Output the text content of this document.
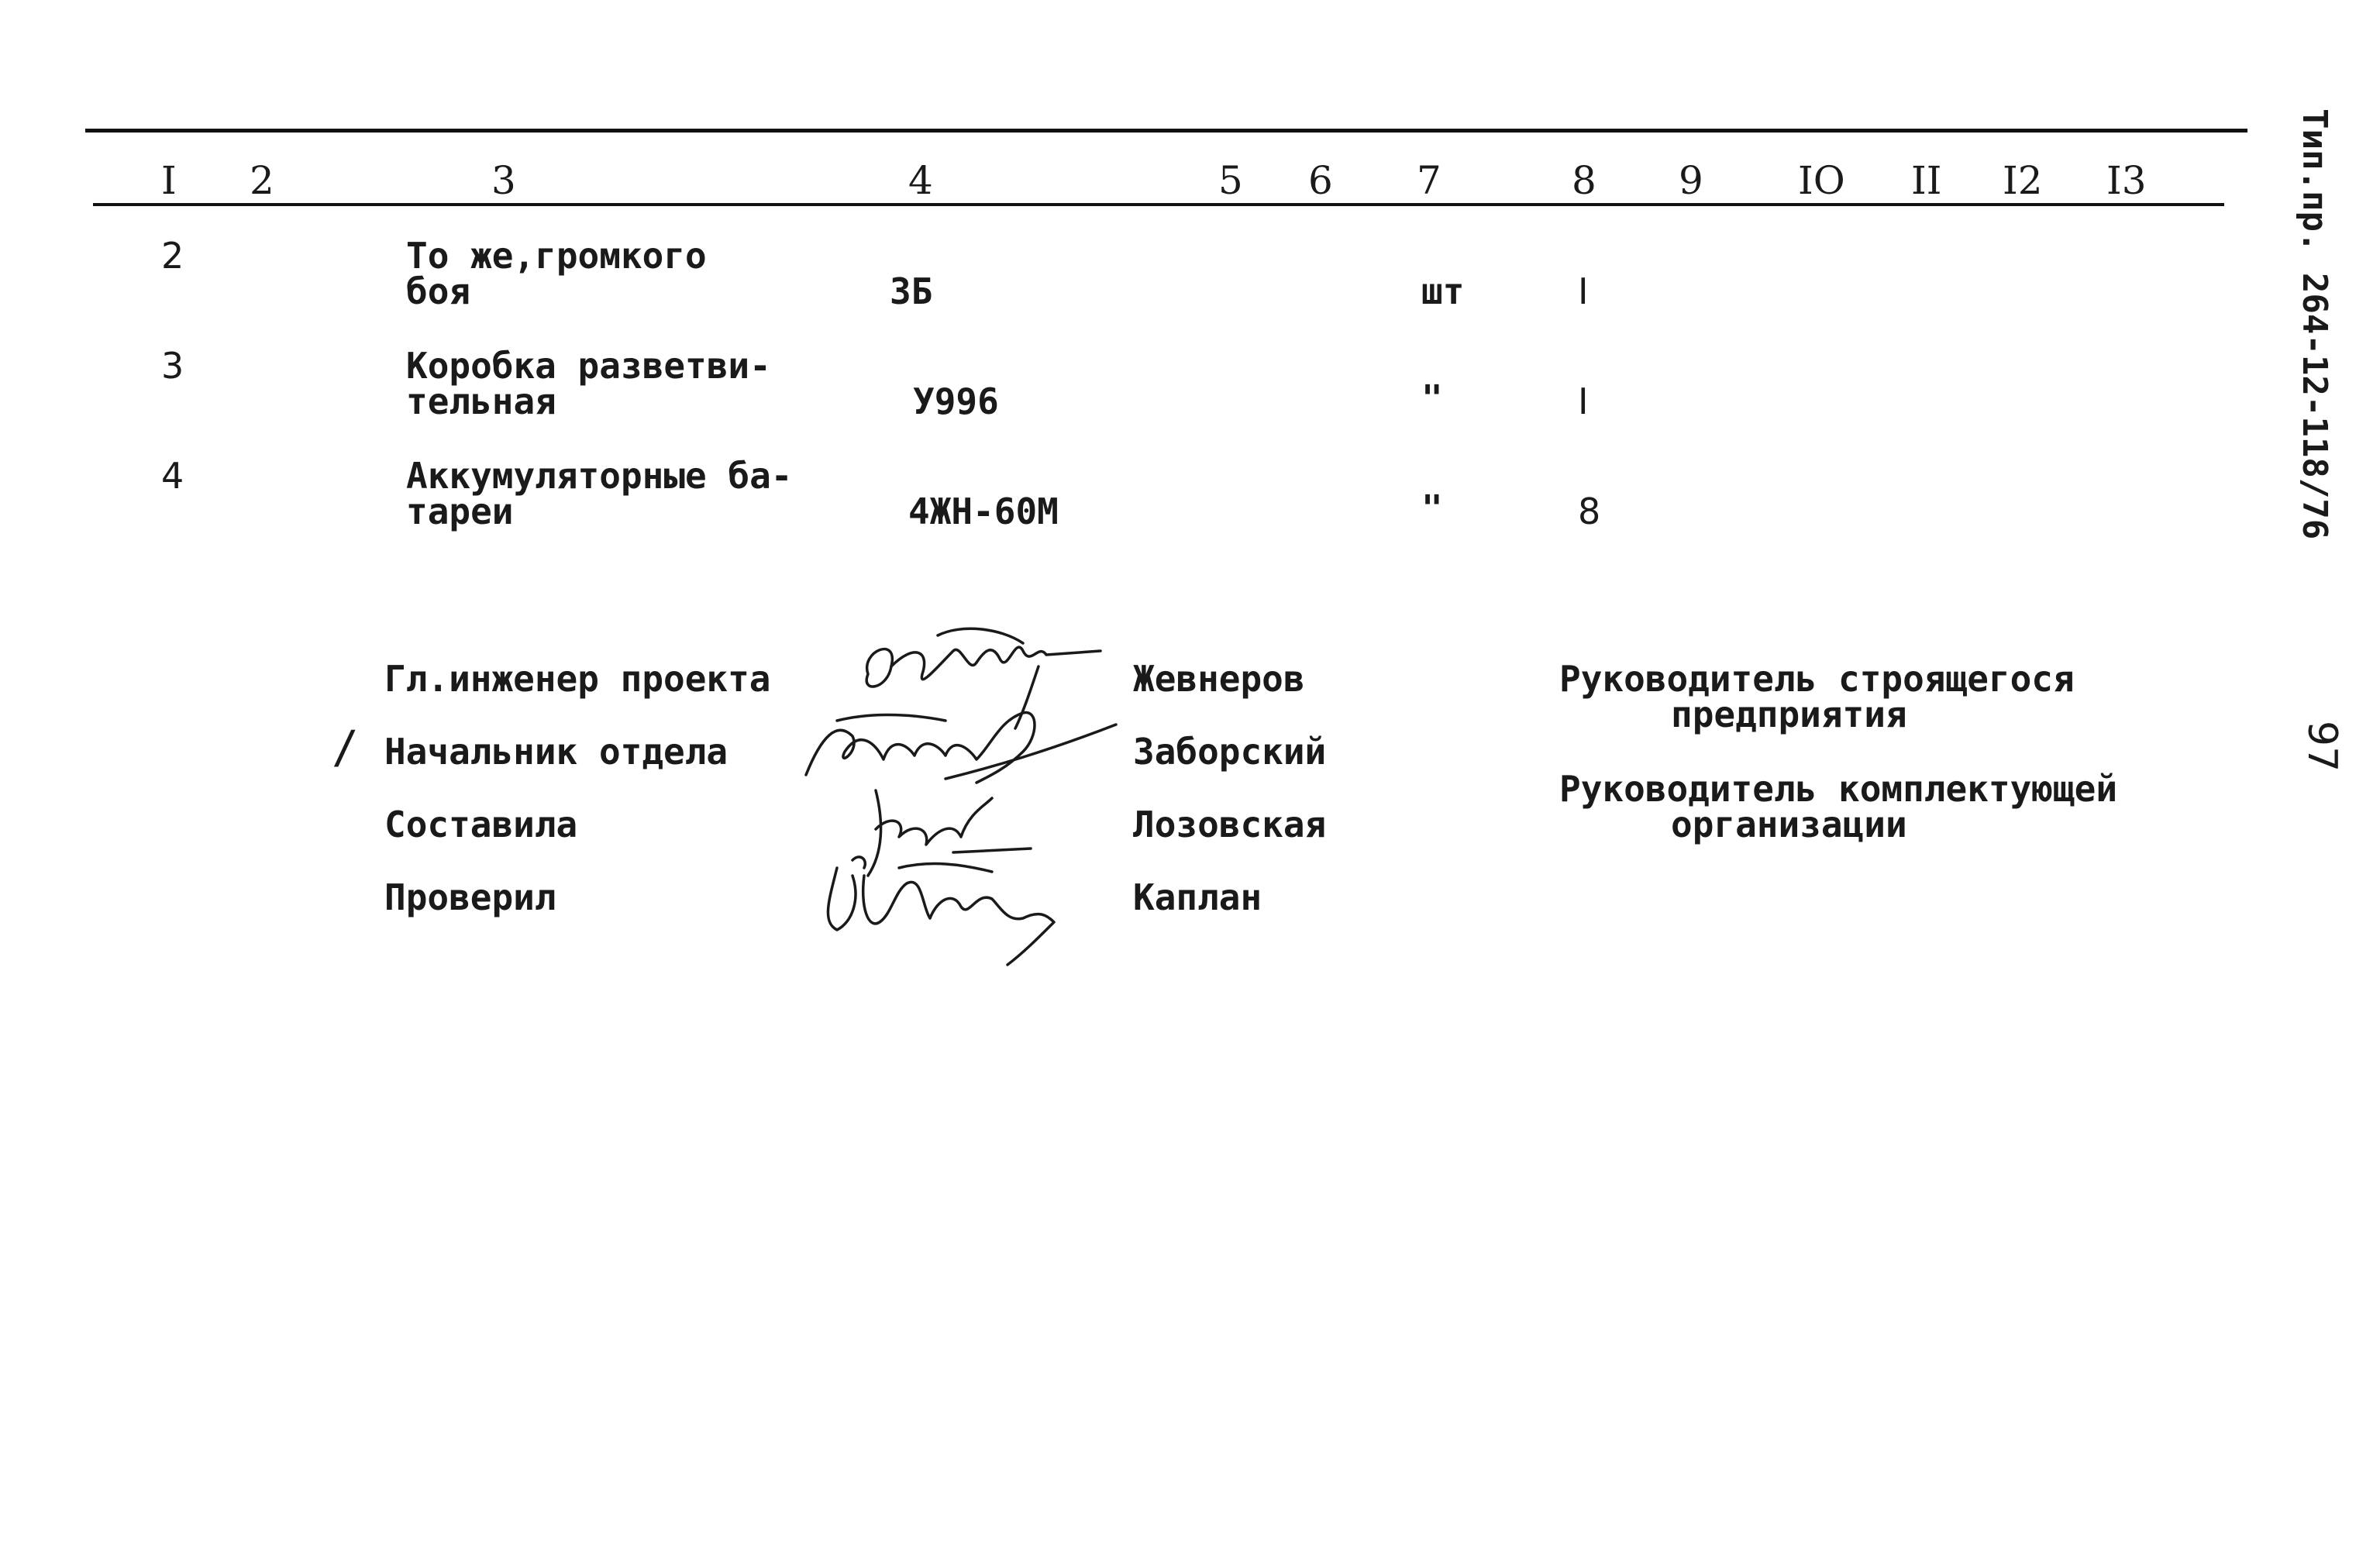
I 2	3	4	5 6 7	8 9 IO II I2 I3
2	То же,громкого
боя	ЗБ	шт	I
3	Коробка разветви-
тельная	У996	"	I
4	Аккумуляторные ба-
тареи	4ЖН-60М	"	8
/
Гл.инженер проекта
Начальник отдела
Составила
Проверил
Жевнеров
Заборский
Лозовская
Каплан
Руководитель строящегося
предприятия
Руководитель комплектующей
организации
Тип.пр. 264-12-118/76
97
